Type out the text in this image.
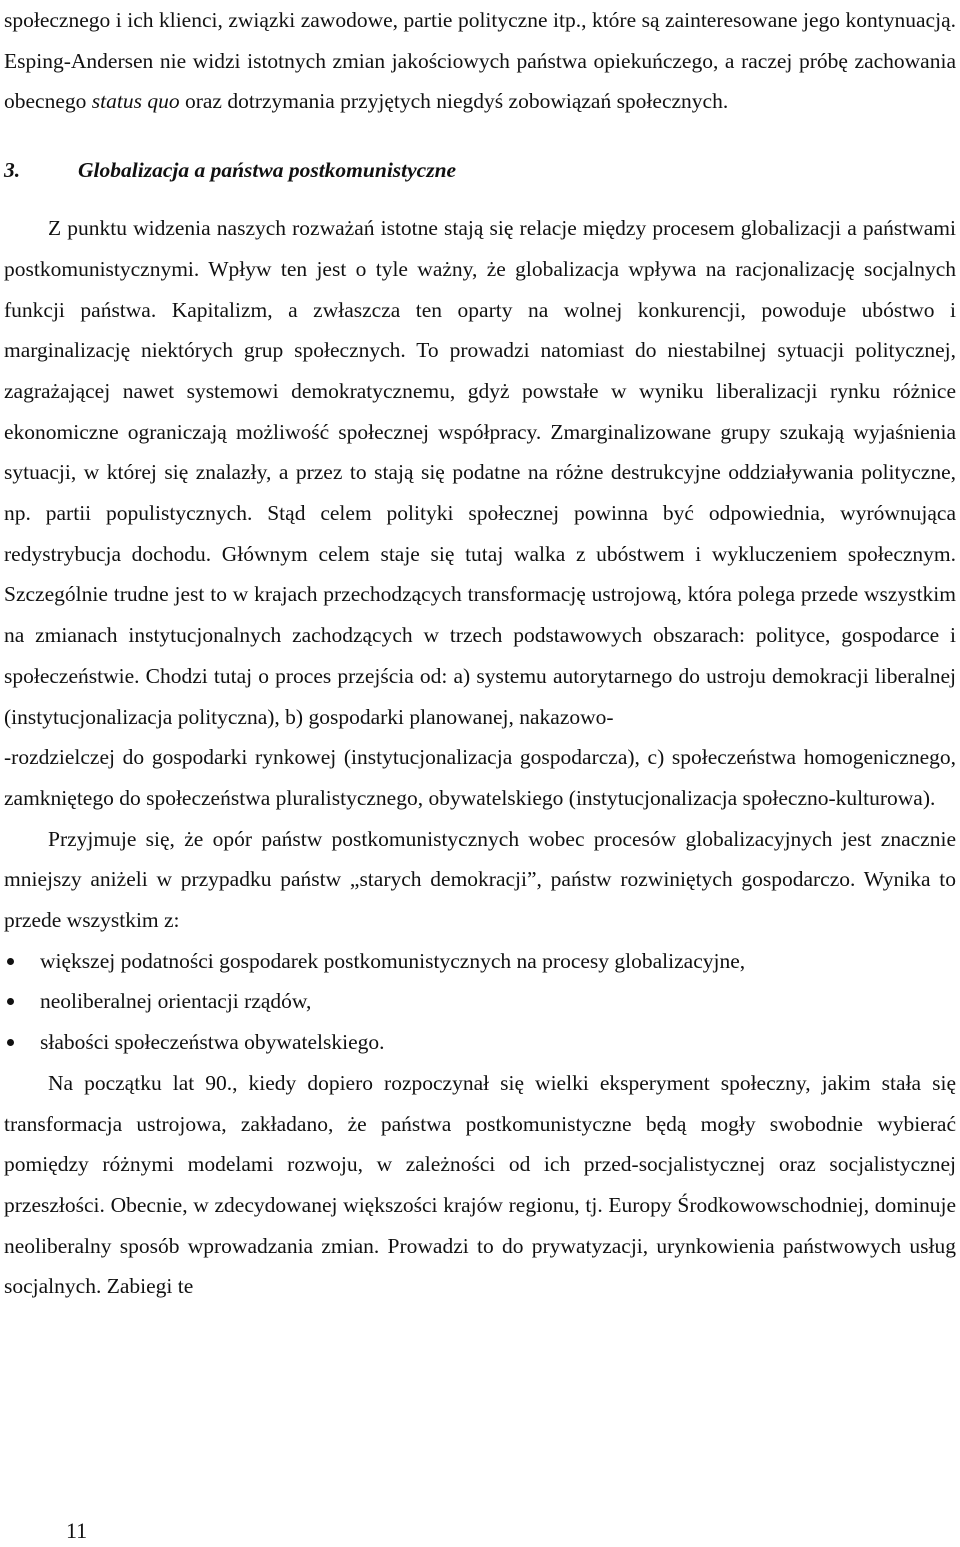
społecznego i ich klienci, związki zawodowe, partie polityczne itp., które są zainteresowane jego kontynuacją. Esping-Andersen nie widzi istotnych zmian jakościowych państwa opiekuńczego, a raczej próbę zachowania obecnego status quo oraz dotrzymania przyjętych niegdyś zobowiązań społecznych.

3.	Globalizacja a państwa postkomunistyczne

Z punktu widzenia naszych rozważań istotne stają się relacje między procesem globalizacji a państwami postkomunistycznymi. Wpływ ten jest o tyle ważny, że globalizacja wpływa na racjonalizację socjalnych funkcji państwa. Kapitalizm, a zwłaszcza ten oparty na wolnej konkurencji, powoduje ubóstwo i marginalizację niektórych grup społecznych. To prowadzi natomiast do niestabilnej sytuacji politycznej, zagrażającej nawet systemowi demokratycznemu, gdyż powstałe w wyniku liberalizacji rynku różnice ekonomiczne ograniczają możliwość społecznej współpracy. Zmarginalizowane grupy szukają wyjaśnienia sytuacji, w której się znalazły, a przez to stają się podatne na różne destrukcyjne oddziaływania polityczne, np. partii populistycznych. Stąd celem polityki społecznej powinna być odpowiednia, wyrównująca redystrybucja dochodu. Głównym celem staje się tutaj walka z ubóstwem i wykluczeniem społecznym. Szczególnie trudne jest to w krajach przechodzących transformację ustrojową, która polega przede wszystkim na zmianach instytucjonalnych zachodzących w trzech podstawowych obszarach: polityce, gospodarce i społeczeństwie. Chodzi tutaj o proces przejścia od: a) systemu autorytarnego do ustroju demokracji liberalnej (instytucjonalizacja polityczna), b) gospodarki planowanej, nakazowo-

-rozdzielczej do gospodarki rynkowej (instytucjonalizacja gospodarcza), c) społeczeństwa homogenicznego, zamkniętego do społeczeństwa pluralistycznego, obywatelskiego (instytucjonalizacja społeczno-kulturowa).

Przyjmuje się, że opór państw postkomunistycznych wobec procesów globalizacyjnych jest znacznie mniejszy aniżeli w przypadku państw „starych demokracji”, państw rozwiniętych gospodarczo. Wynika to przede wszystkim z:

większej podatności gospodarek postkomunistycznych na procesy globalizacyjne,
neoliberalnej orientacji rządów,
słabości społeczeństwa obywatelskiego.

Na początku lat 90., kiedy dopiero rozpoczynał się wielki eksperyment społeczny, jakim stała się transformacja ustrojowa, zakładano, że państwa postkomunistyczne będą mogły swobodnie wybierać pomiędzy różnymi modelami rozwoju, w zależności od ich przed-socjalistycznej oraz socjalistycznej przeszłości. Obecnie, w zdecydowanej większości krajów regionu, tj. Europy Środkowowschodniej, dominuje neoliberalny sposób wprowadzania zmian. Prowadzi to do prywatyzacji, urynkowienia państwowych usług socjalnych. Zabiegi te

11
